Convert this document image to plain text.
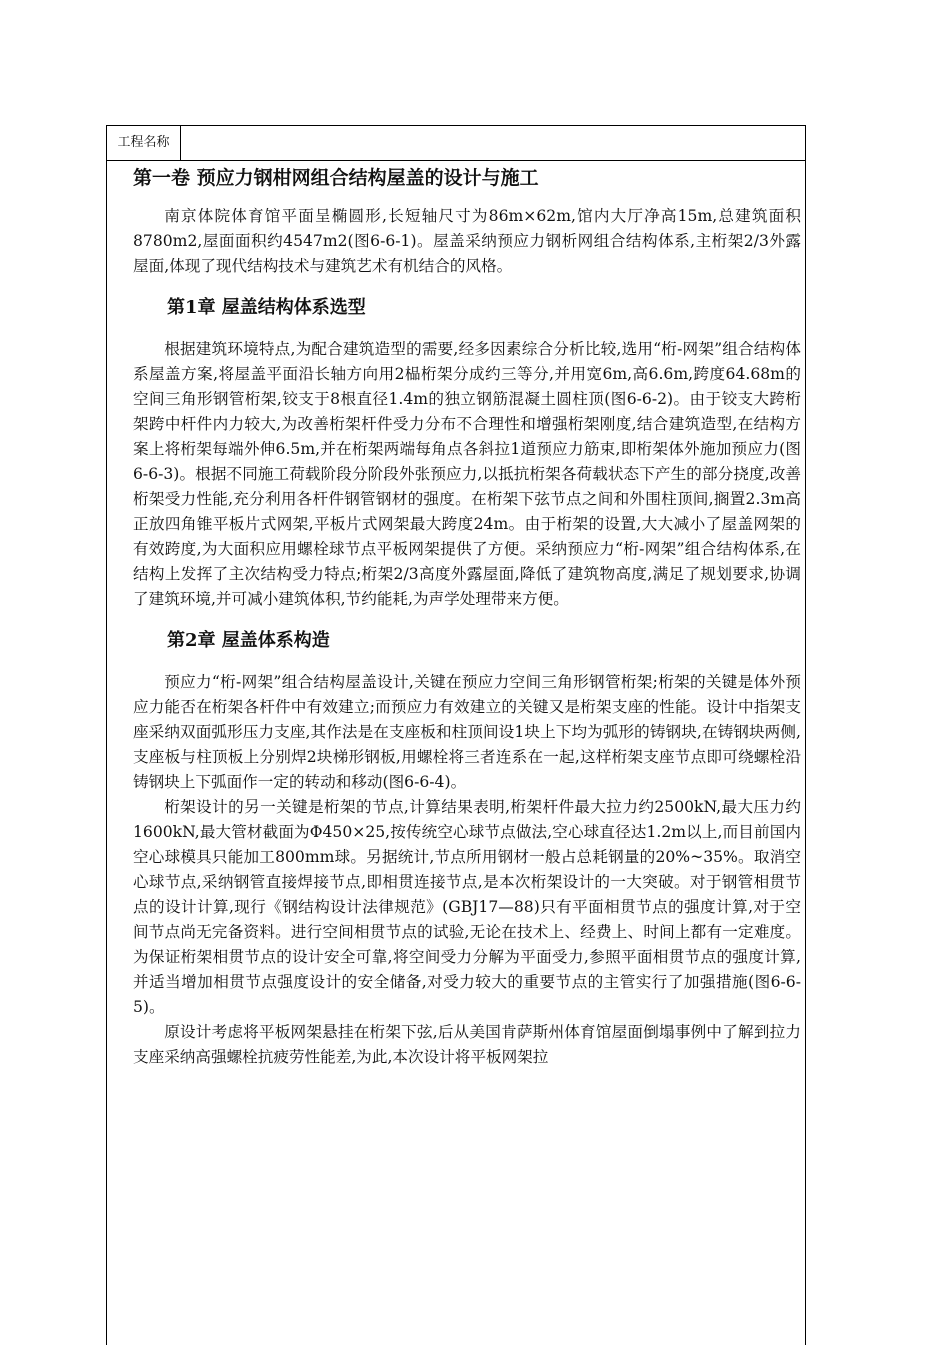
工程名称
第一卷 预应力钢柑网组合结构屋盖的设计与施工

南京体院体育馆平面呈椭圆形,长短轴尺寸为86m×62m,馆内大厅净高15m,总建筑面积8780m2,屋面面积约4547m2(图6-6-1)。屋盖采纳预应力钢析网组合结构体系,主桁架2/3外露屋面,体现了现代结构技术与建筑艺术有机结合的风格。

第1章 屋盖结构体系选型

根据建筑环境特点,为配合建筑造型的需要,经多因素综合分析比较,选用“桁-网架”组合结构体系屋盖方案,将屋盖平面沿长轴方向用2榀桁架分成约三等分,并用宽6m,高6.6m,跨度64.68m的空间三角形钢管桁架,铰支于8根直径1.4m的独立钢筋混凝土圆柱顶(图6-6-2)。由于铰支大跨桁架跨中杆件内力较大,为改善桁架杆件受力分布不合理性和增强桁架刚度,结合建筑造型,在结构方案上将桁架每端外伸6.5m,并在桁架两端每角点各斜拉1道预应力筋束,即桁架体外施加预应力(图6-6-3)。根据不同施工荷载阶段分阶段外张预应力,以抵抗桁架各荷载状态下产生的部分挠度,改善桁架受力性能,充分利用各杆件钢管钢材的强度。在桁架下弦节点之间和外围柱顶间,搁置2.3m高正放四角锥平板片式网架,平板片式网架最大跨度24m。由于桁架的设置,大大减小了屋盖网架的有效跨度,为大面积应用螺栓球节点平板网架提供了方便。采纳预应力“桁-网架”组合结构体系,在结构上发挥了主次结构受力特点;桁架2/3高度外露屋面,降低了建筑物高度,满足了规划要求,协调了建筑环境,并可减小建筑体积,节约能耗,为声学处理带来方便。

第2章 屋盖体系构造

预应力“桁-网架”组合结构屋盖设计,关键在预应力空间三角形钢管桁架;桁架的关键是体外预应力能否在桁架各杆件中有效建立;而预应力有效建立的关键又是桁架支座的性能。设计中指架支座采纳双面弧形压力支座,其作法是在支座板和柱顶间设1块上下均为弧形的铸钢块,在铸钢块两侧,支座板与柱顶板上分别焊2块梯形钢板,用螺栓将三者连系在一起,这样桁架支座节点即可绕螺栓沿铸钢块上下弧面作一定的转动和移动(图6-6-4)。

桁架设计的另一关键是桁架的节点,计算结果表明,桁架杆件最大拉力约2500kN,最大压力约1600kN,最大管材截面为Φ450×25,按传统空心球节点做法,空心球直径达1.2m以上,而目前国内空心球模具只能加工800mm球。另据统计,节点所用钢材一般占总耗钢量的20%~35%。取消空心球节点,采纳钢管直接焊接节点,即相贯连接节点,是本次桁架设计的一大突破。对于钢管相贯节点的设计计算,现行《钢结构设计法律规范》(GBJ17—88)只有平面相贯节点的强度计算,对于空间节点尚无完备资料。进行空间相贯节点的试验,无论在技术上、经费上、时间上都有一定难度。为保证桁架相贯节点的设计安全可靠,将空间受力分解为平面受力,参照平面相贯节点的强度计算,并适当增加相贯节点强度设计的安全储备,对受力较大的重要节点的主管实行了加强措施(图6-6-5)。

原设计考虑将平板网架悬挂在桁架下弦,后从美国肯萨斯州体育馆屋面倒塌事例中了解到拉力支座采纳高强螺栓抗疲劳性能差,为此,本次设计将平板网架拉
